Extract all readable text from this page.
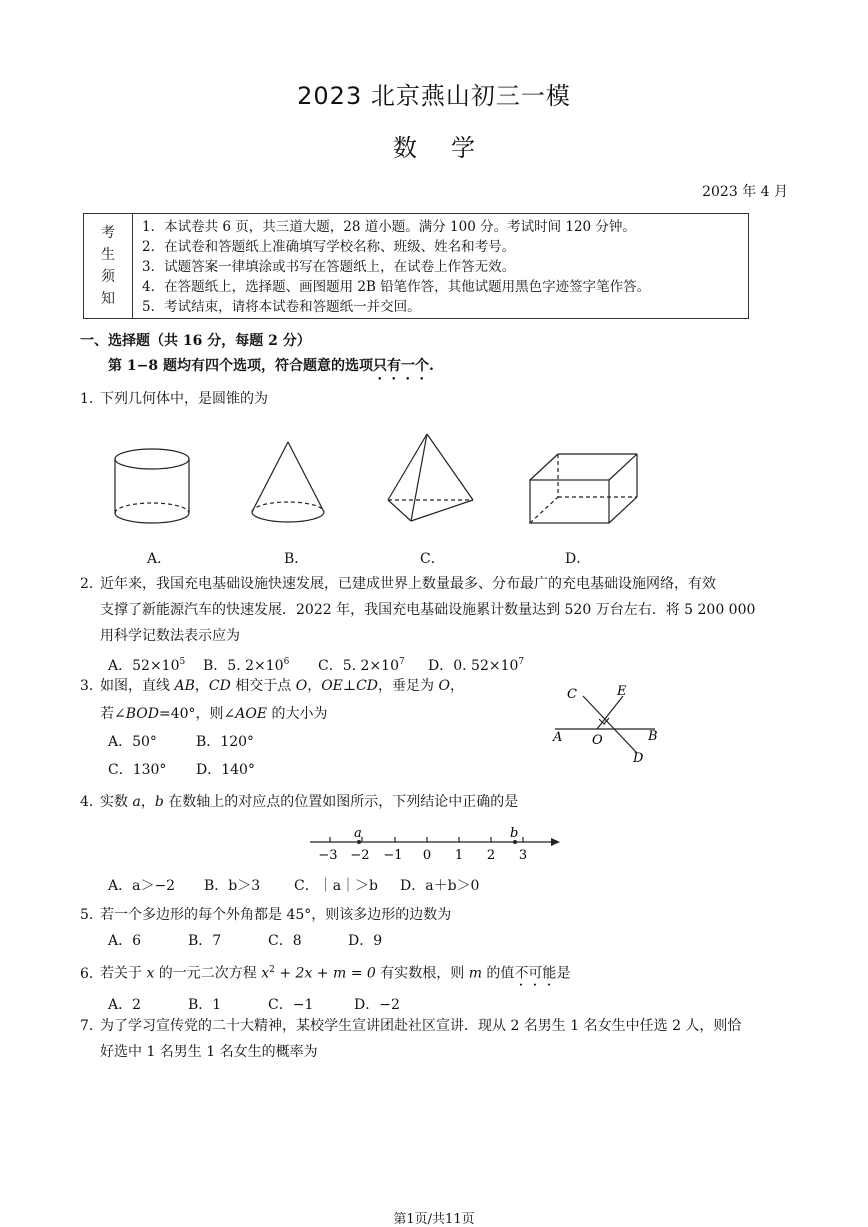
2023 北京燕山初三一模
数学
2023 年 4 月
考
生
须
知
1．本试卷共 6 页，共三道大题，28 道小题。满分 100 分。考试时间 120 分钟。
2．在试卷和答题纸上准确填写学校名称、班级、姓名和考号。
3．试题答案一律填涂或书写在答题纸上，在试卷上作答无效。
4．在答题纸上，选择题、画图题用 2B 铅笔作答，其他试题用黑色字迹签字笔作答。
5．考试结束，请将本试卷和答题纸一并交回。
一、选择题（共 16 分，每题 2 分）
第 1−8 题均有四个选项，符合题意的选项只有一个.
1．下列几何体中，是圆锥的为
A．	B．	C．	D．
2．近年来，我国充电基础设施快速发展，已建成世界上数量最多、分布最广的充电基础设施网络，有效
支撑了新能源汽车的快速发展．2022 年，我国充电基础设施累计数量达到 520 万台左右．将 5 200 000
用科学记数法表示应为
A．$52\times 10^5$ B．5. $2\times 10^6$ C．5. $2\times 10^7$ D．0. $52\times 10^7$
3．如图，直线 AB，CD 相交于点 O，OE⊥CD，垂足为 O，
若∠BOD=40°，则∠AOE 的大小为
A．50°	B．120°
C．130° D．140°
C	E
A O	B
D
4．实数 a，b 在数轴上的对应点的位置如图所示，下列结论中正确的是
a	b
−3 −2 −1 0 1 2 3
A．a＞−2 B．b＞3 C．｜a｜＞b D．a＋b＞0
5．若一个多边形的每个外角都是 45°，则该多边形的边数为
A．6	B．7	C．8	D．9
6．若关于 x 的一元二次方程 $x^2 + 2x + m = 0$ 有实数根，则 m 的值不可能是
A．2	B．1	C．−1	D．−2
7．为了学习宣传党的二十大精神，某校学生宣讲团赴社区宣讲．现从 2 名男生 1 名女生中任选 2 人，则恰
好选中 1 名男生 1 名女生的概率为
第1页/共11页
